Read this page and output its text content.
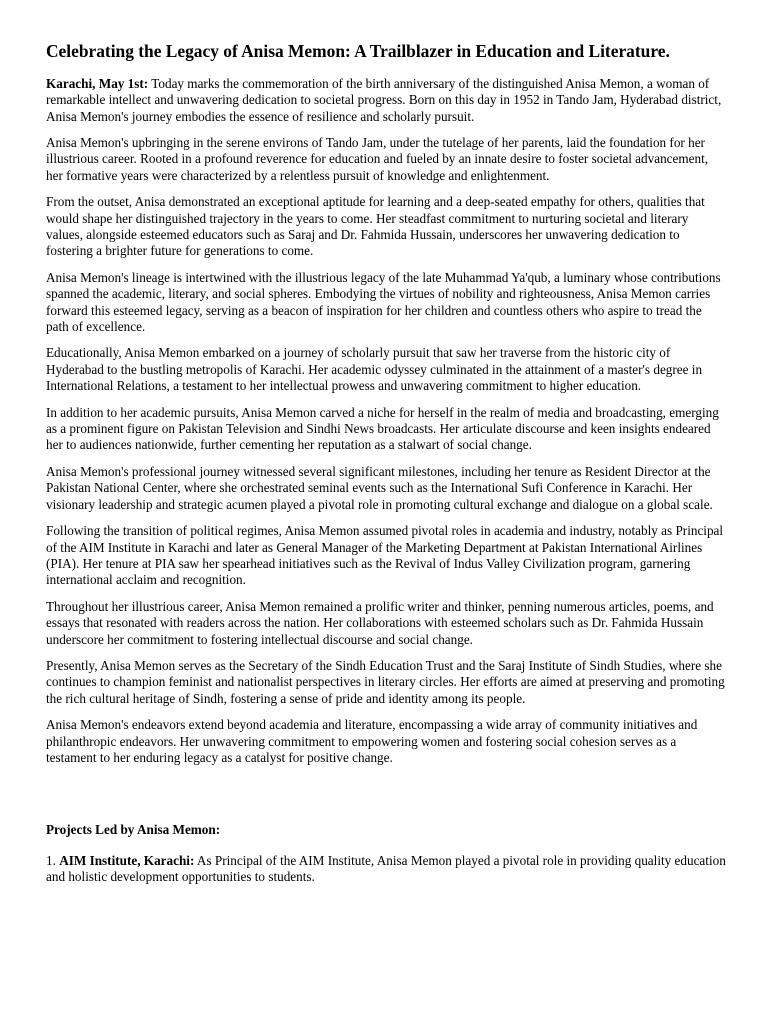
Celebrating the Legacy of Anisa Memon: A Trailblazer in Education and Literature.

Karachi, May 1st: Today marks the commemoration of the birth anniversary of the distinguished Anisa Memon, a woman of remarkable intellect and unwavering dedication to societal progress. Born on this day in 1952 in Tando Jam, Hyderabad district, Anisa Memon's journey embodies the essence of resilience and scholarly pursuit.

Anisa Memon's upbringing in the serene environs of Tando Jam, under the tutelage of her parents, laid the foundation for her illustrious career. Rooted in a profound reverence for education and fueled by an innate desire to foster societal advancement, her formative years were characterized by a relentless pursuit of knowledge and enlightenment.

From the outset, Anisa demonstrated an exceptional aptitude for learning and a deep-seated empathy for others, qualities that would shape her distinguished trajectory in the years to come. Her steadfast commitment to nurturing societal and literary values, alongside esteemed educators such as Saraj and Dr. Fahmida Hussain, underscores her unwavering dedication to fostering a brighter future for generations to come.

Anisa Memon's lineage is intertwined with the illustrious legacy of the late Muhammad Ya'qub, a luminary whose contributions spanned the academic, literary, and social spheres. Embodying the virtues of nobility and righteousness, Anisa Memon carries forward this esteemed legacy, serving as a beacon of inspiration for her children and countless others who aspire to tread the path of excellence.

Educationally, Anisa Memon embarked on a journey of scholarly pursuit that saw her traverse from the historic city of Hyderabad to the bustling metropolis of Karachi. Her academic odyssey culminated in the attainment of a master's degree in International Relations, a testament to her intellectual prowess and unwavering commitment to higher education.

In addition to her academic pursuits, Anisa Memon carved a niche for herself in the realm of media and broadcasting, emerging as a prominent figure on Pakistan Television and Sindhi News broadcasts. Her articulate discourse and keen insights endeared her to audiences nationwide, further cementing her reputation as a stalwart of social change.

Anisa Memon's professional journey witnessed several significant milestones, including her tenure as Resident Director at the Pakistan National Center, where she orchestrated seminal events such as the International Sufi Conference in Karachi. Her visionary leadership and strategic acumen played a pivotal role in promoting cultural exchange and dialogue on a global scale.

Following the transition of political regimes, Anisa Memon assumed pivotal roles in academia and industry, notably as Principal of the AIM Institute in Karachi and later as General Manager of the Marketing Department at Pakistan International Airlines (PIA). Her tenure at PIA saw her spearhead initiatives such as the Revival of Indus Valley Civilization program, garnering international acclaim and recognition.

Throughout her illustrious career, Anisa Memon remained a prolific writer and thinker, penning numerous articles, poems, and essays that resonated with readers across the nation. Her collaborations with esteemed scholars such as Dr. Fahmida Hussain underscore her commitment to fostering intellectual discourse and social change.

Presently, Anisa Memon serves as the Secretary of the Sindh Education Trust and the Saraj Institute of Sindh Studies, where she continues to champion feminist and nationalist perspectives in literary circles. Her efforts are aimed at preserving and promoting the rich cultural heritage of Sindh, fostering a sense of pride and identity among its people.

Anisa Memon's endeavors extend beyond academia and literature, encompassing a wide array of community initiatives and philanthropic endeavors. Her unwavering commitment to empowering women and fostering social cohesion serves as a testament to her enduring legacy as a catalyst for positive change.

Projects Led by Anisa Memon:

1. AIM Institute, Karachi: As Principal of the AIM Institute, Anisa Memon played a pivotal role in providing quality education and holistic development opportunities to students.
